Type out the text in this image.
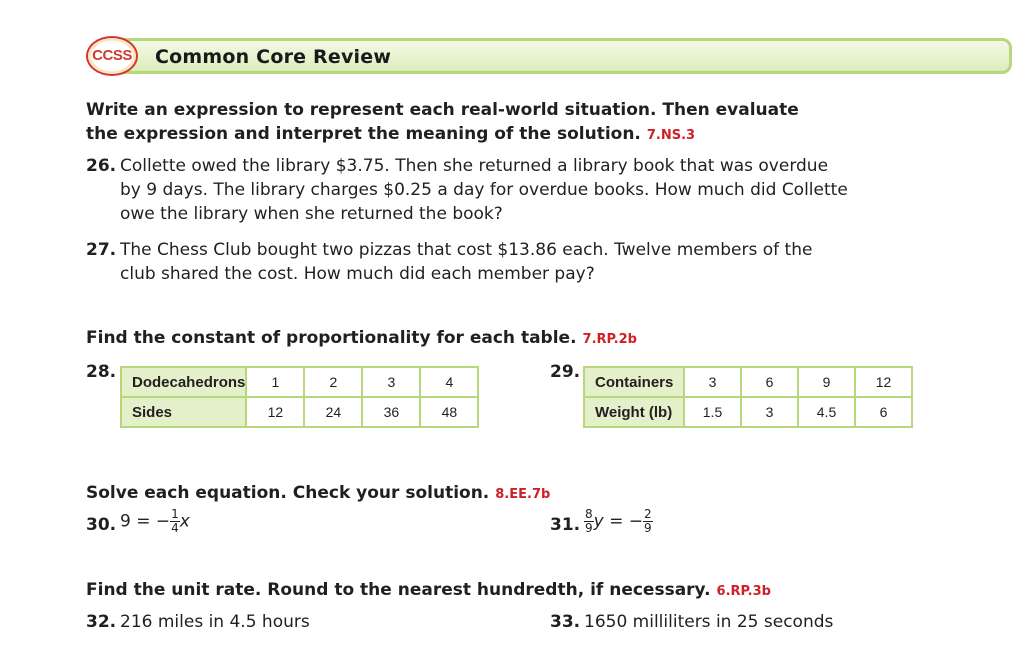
CCSS Common Core Review
Write an expression to represent each real-world situation. Then evaluate
the expression and interpret the meaning of the solution. 7.NS.3
26. Collette owed the library $3.75. Then she returned a library book that was overdue
by 9 days. The library charges $0.25 a day for overdue books. How much did Collette
owe the library when she returned the book?
27. The Chess Club bought two pizzas that cost $13.86 each. Twelve members of the
club shared the cost. How much did each member pay?
Find the constant of proportionality for each table. 7.RP.2b
28. Dodecahedrons	1	2	3	4
Sides	12	24	36	48
29. Containers	3	6	9	12
Weight (lb)	1.5	3	4.5	6
Solve each equation. Check your solution. 8.EE.7b
30. 9 = − $\frac{1}{4}$ x	31. $\frac{8}{9}$ y = − $\frac{2}{9}$
Find the unit rate. Round to the nearest hundredth, if necessary. 6.RP.3b
32. 216 miles in 4.5 hours	33. 1650 milliliters in 25 seconds
